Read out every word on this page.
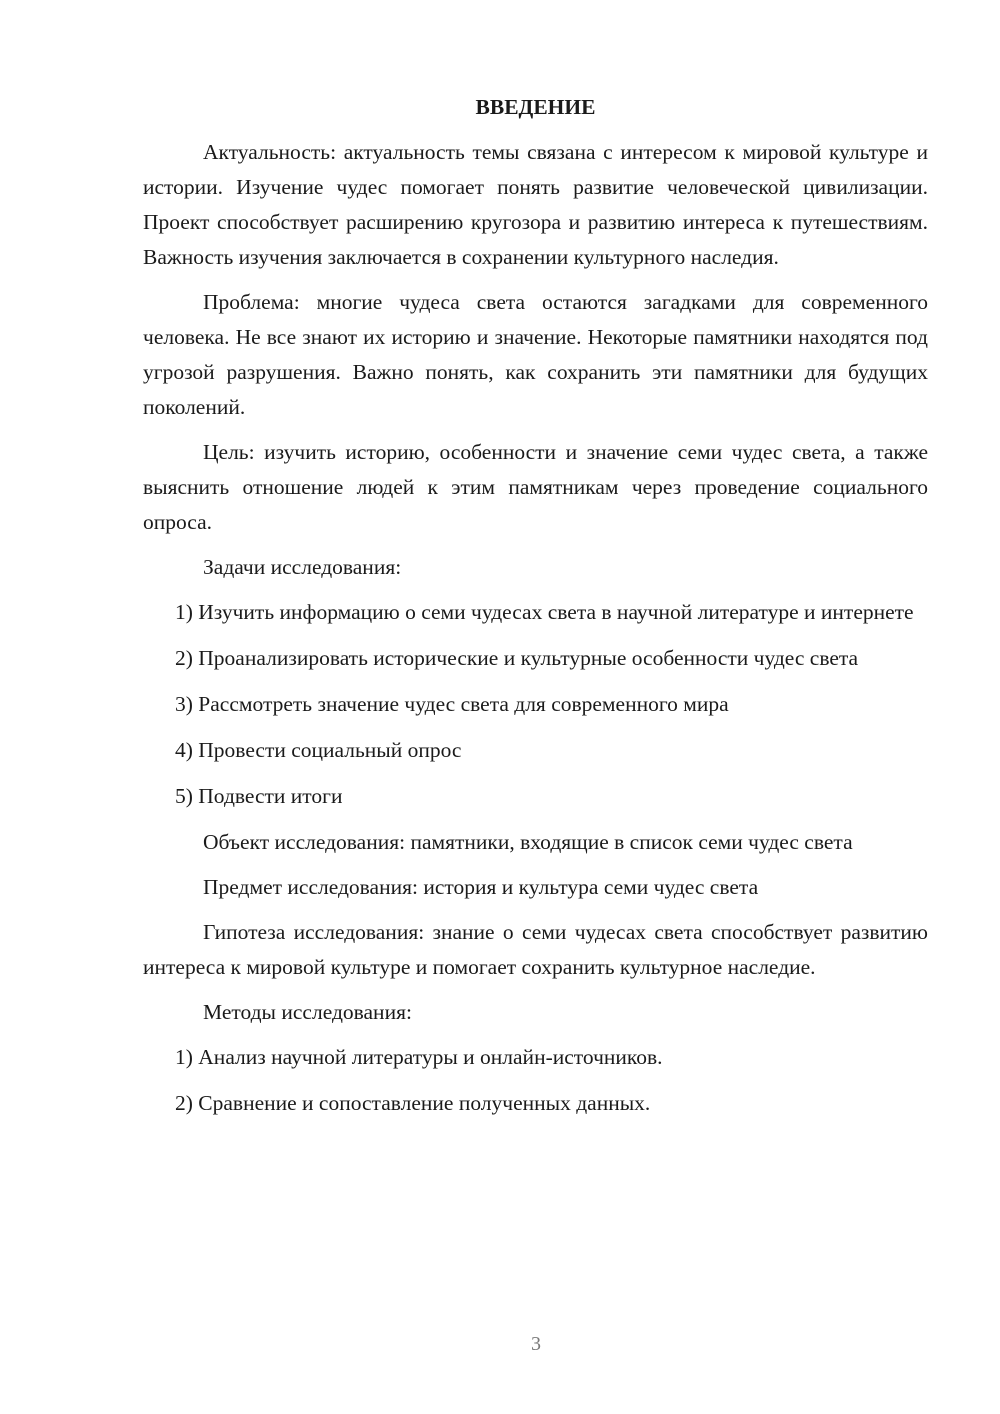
ВВЕДЕНИЕ

Актуальность: актуальность темы связана с интересом к мировой культуре и истории. Изучение чудес помогает понять развитие человеческой цивилизации. Проект способствует расширению кругозора и развитию интереса к путешествиям. Важность изучения заключается в сохранении культурного наследия.

Проблема: многие чудеса света остаются загадками для современного человека. Не все знают их историю и значение. Некоторые памятники находятся под угрозой разрушения. Важно понять, как сохранить эти памятники для будущих поколений.

Цель: изучить историю, особенности и значение семи чудес света, а также выяснить отношение людей к этим памятникам через проведение социального опроса.

Задачи исследования:

1) Изучить информацию о семи чудесах света в научной литературе и интернете

2) Проанализировать исторические и культурные особенности чудес света

3) Рассмотреть значение чудес света для современного мира

4) Провести социальный опрос

5) Подвести итоги

Объект исследования: памятники, входящие в список семи чудес света

Предмет исследования: история и культура семи чудес света

Гипотеза исследования: знание о семи чудесах света способствует развитию интереса к мировой культуре и помогает сохранить культурное наследие.

Методы исследования:

1) Анализ научной литературы и онлайн-источников.

2) Сравнение и сопоставление полученных данных.

3
